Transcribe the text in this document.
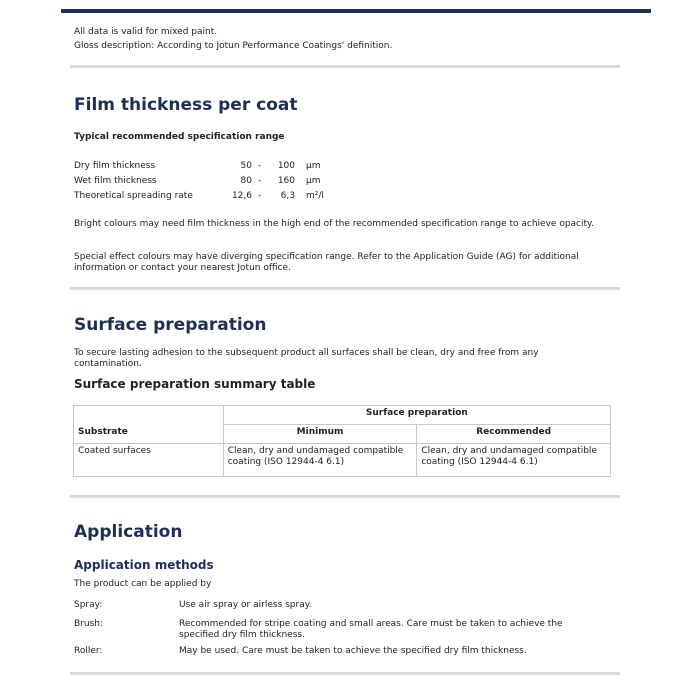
All data is valid for mixed paint.
Gloss description: According to Jotun Performance Coatings' definition.
Film thickness per coat
Typical recommended specification range
Dry film thickness	50 -	100 µm
Wet film thickness	80 -	160 µm
Theoretical spreading rate	12,6 -	6,3 m²/l
Bright colours may need film thickness in the high end of the recommended specification range to achieve opacity.
Special effect colours may have diverging specification range. Refer to the Application Guide (AG) for additional information or contact your nearest Jotun office.
Surface preparation
To secure lasting adhesion to the subsequent product all surfaces shall be clean, dry and free from any contamination.
Surface preparation summary table
	Surface preparation	
Substrate	Minimum	Recommended
Coated surfaces	Clean, dry and undamaged compatible coating (ISO 12944-4 6.1)	Clean, dry and undamaged compatible coating (ISO 12944-4 6.1)
Application
Application methods
The product can be applied by
Spray:	Use air spray or airless spray.
Brush:	Recommended for stripe coating and small areas. Care must be taken to achieve the specified dry film thickness.
Roller:	May be used. Care must be taken to achieve the specified dry film thickness.
